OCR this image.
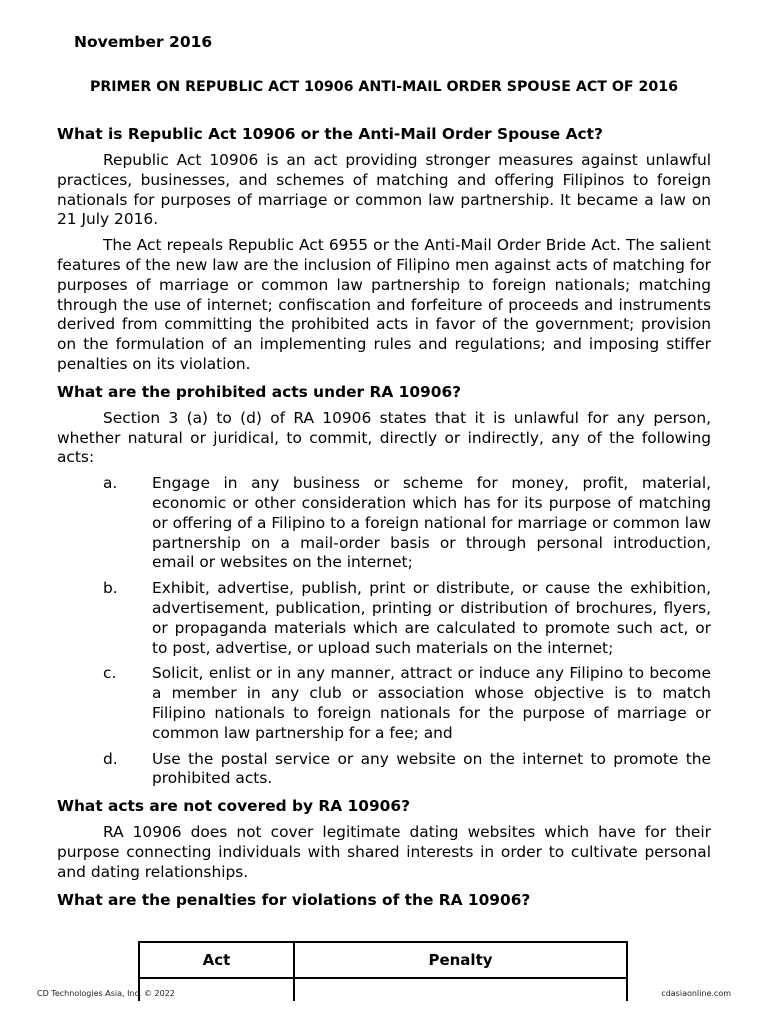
November 2016
PRIMER ON REPUBLIC ACT 10906 ANTI-MAIL ORDER SPOUSE ACT OF 2016
What is Republic Act 10906 or the Anti-Mail Order Spouse Act?

Republic Act 10906 is an act providing stronger measures against unlawful practices, businesses, and schemes of matching and offering Filipinos to foreign nationals for purposes of marriage or common law partnership. It became a law on 21 July 2016.

The Act repeals Republic Act 6955 or the Anti-Mail Order Bride Act. The salient features of the new law are the inclusion of Filipino men against acts of matching for purposes of marriage or common law partnership to foreign nationals; matching through the use of internet; confiscation and forfeiture of proceeds and instruments derived from committing the prohibited acts in favor of the government; provision on the formulation of an implementing rules and regulations; and imposing stiffer penalties on its violation.

What are the prohibited acts under RA 10906?

Section 3 (a) to (d) of RA 10906 states that it is unlawful for any person, whether natural or juridical, to commit, directly or indirectly, any of the following acts:

a.	Engage in any business or scheme for money, profit, material, economic or other consideration which has for its purpose of matching or offering of a Filipino to a foreign national for marriage or common law partnership on a mail-order basis or through personal introduction, email or websites on the internet;
b.	Exhibit, advertise, publish, print or distribute, or cause the exhibition, advertisement, publication, printing or distribution of brochures, flyers, or propaganda materials which are calculated to promote such act, or to post, advertise, or upload such materials on the internet;
c.	Solicit, enlist or in any manner, attract or induce any Filipino to become a member in any club or association whose objective is to match Filipino nationals to foreign nationals for the purpose of marriage or common law partnership for a fee; and
d.	Use the postal service or any website on the internet to promote the prohibited acts.
What acts are not covered by RA 10906?

RA 10906 does not cover legitimate dating websites which have for their purpose connecting individuals with shared interests in order to cultivate personal and dating relationships.

What are the penalties for violations of the RA 10906?
Act	Penalty

CD Technologies Asia, Inc. © 2022	cdasiaonline.com
